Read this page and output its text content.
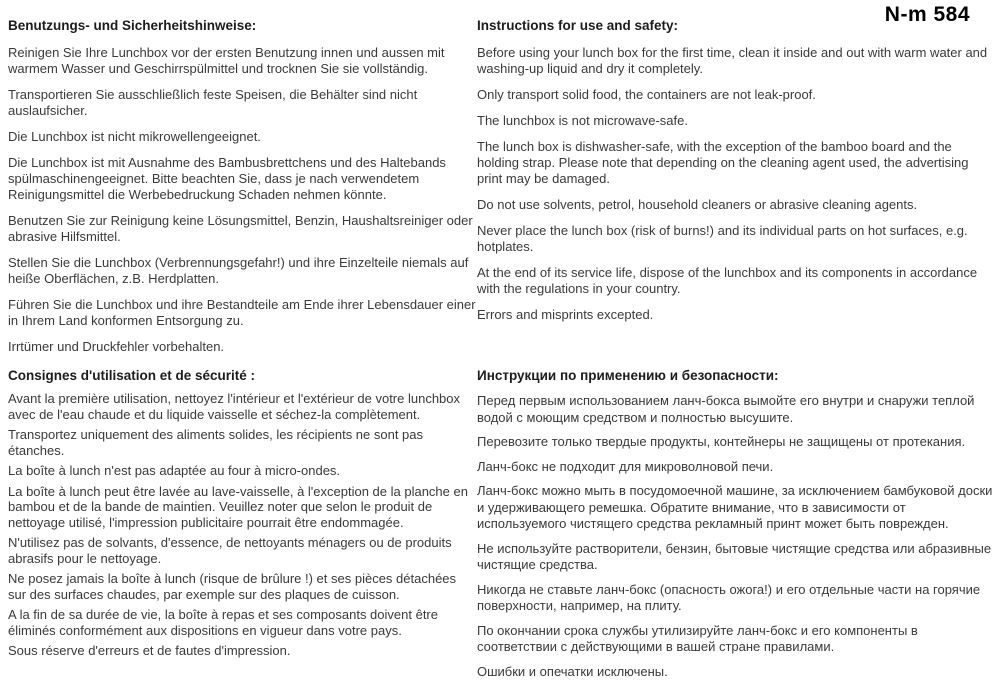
N-m 584
Benutzungs- und Sicherheitshinweise:

Reinigen Sie Ihre Lunchbox vor der ersten Benutzung innen und aussen mit warmem Wasser und Geschirrspülmittel und trocknen Sie sie vollständig.

Transportieren Sie ausschließlich feste Speisen, die Behälter sind nicht auslaufsicher.

Die Lunchbox ist nicht mikrowellengeeignet.

Die Lunchbox ist mit Ausnahme des Bambusbrettchens und des Haltebands spülmaschinengeeignet. Bitte beachten Sie, dass je nach verwendetem Reinigungsmittel die Werbebedruckung Schaden nehmen könnte.

Benutzen Sie zur Reinigung keine Lösungsmittel, Benzin, Haushaltsreiniger oder abrasive Hilfsmittel.

Stellen Sie die Lunchbox (Verbrennungsgefahr!) und ihre Einzelteile niemals auf heiße Oberflächen, z.B. Herdplatten.

Führen Sie die Lunchbox und ihre Bestandteile am Ende ihrer Lebensdauer einer in Ihrem Land konformen Entsorgung zu.

Irrtümer und Druckfehler vorbehalten.

Instructions for use and safety:

Before using your lunch box for the first time, clean it inside and out with warm water and washing-up liquid and dry it completely.

Only transport solid food, the containers are not leak-proof.

The lunchbox is not microwave-safe.

The lunch box is dishwasher-safe, with the exception of the bamboo board and the holding strap. Please note that depending on the cleaning agent used, the advertising print may be damaged.

Do not use solvents, petrol, household cleaners or abrasive cleaning agents.

Never place the lunch box (risk of burns!) and its individual parts on hot surfaces, e.g. hotplates.

At the end of its service life, dispose of the lunchbox and its components in accordance with the regulations in your country.

Errors and misprints excepted.

Consignes d'utilisation et de sécurité :

Avant la première utilisation, nettoyez l'intérieur et l'extérieur de votre lunchbox avec de l'eau chaude et du liquide vaisselle et séchez-la complètement.

Transportez uniquement des aliments solides, les récipients ne sont pas étanches.

La boîte à lunch n'est pas adaptée au four à micro-ondes.

La boîte à lunch peut être lavée au lave-vaisselle, à l'exception de la planche en bambou et de la bande de maintien. Veuillez noter que selon le produit de nettoyage utilisé, l'impression publicitaire pourrait être endommagée.

N'utilisez pas de solvants, d'essence, de nettoyants ménagers ou de produits abrasifs pour le nettoyage.

Ne posez jamais la boîte à lunch (risque de brûlure !) et ses pièces détachées sur des surfaces chaudes, par exemple sur des plaques de cuisson.

A la fin de sa durée de vie, la boîte à repas et ses composants doivent être éliminés conformément aux dispositions en vigueur dans votre pays.

Sous réserve d'erreurs et de fautes d'impression.

Инструкции по применению и безопасности:

Перед первым использованием ланч-бокса вымойте его внутри и снаружи теплой водой с моющим средством и полностью высушите.

Перевозите только твердые продукты, контейнеры не защищены от протекания.

Ланч-бокс не подходит для микроволновой печи.

Ланч-бокс можно мыть в посудомоечной машине, за исключением бамбуковой доски и удерживающего ремешка. Обратите внимание, что в зависимости от используемого чистящего средства рекламный принт может быть поврежден.

Не используйте растворители, бензин, бытовые чистящие средства или абразивные чистящие средства.

Никогда не ставьте ланч-бокс (опасность ожога!) и его отдельные части на горячие поверхности, например, на плиту.

По окончании срока службы утилизируйте ланч-бокс и его компоненты в соответствии с действующими в вашей стране правилами.

Ошибки и опечатки исключены.
